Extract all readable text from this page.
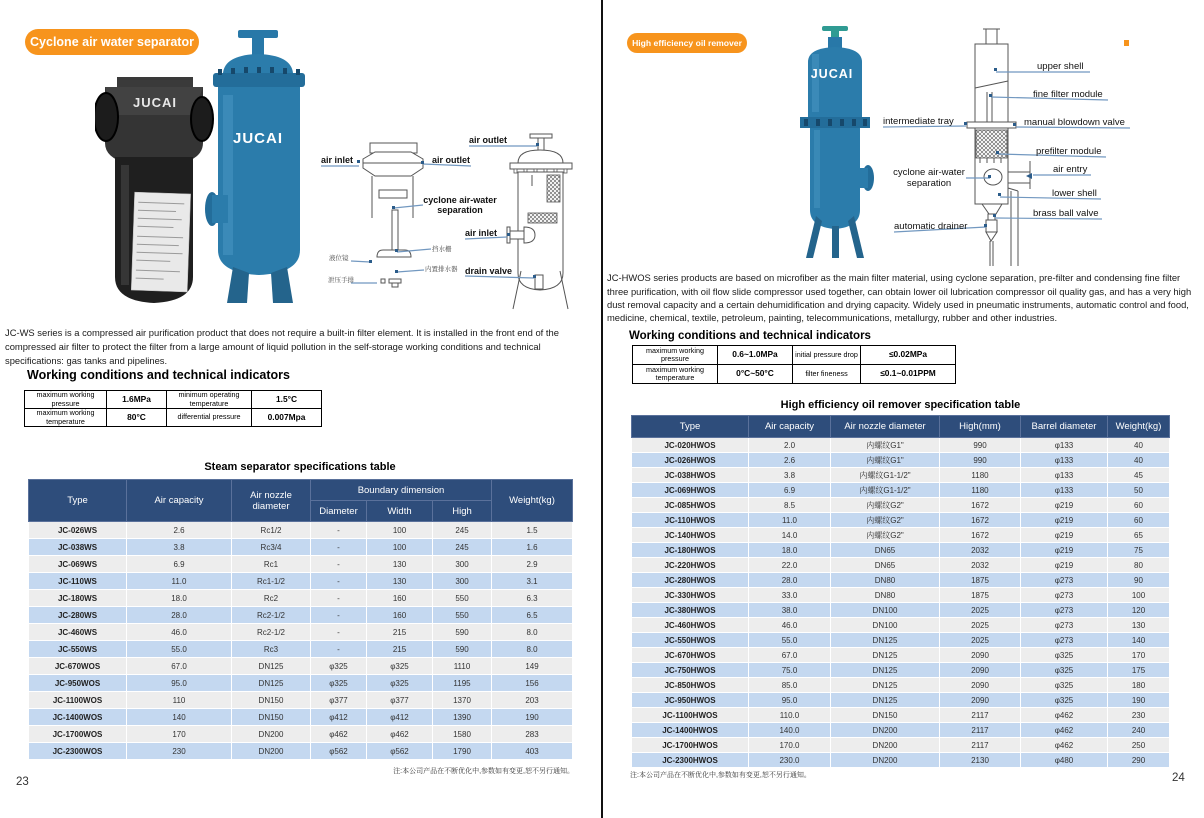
Cyclone air water separator
JUCAI
JUCAI
air inlet	air outlet
cyclone air-water
separation
挡水栅
液位镜
内置排水器
泄压手排
air outlet
air inlet
drain valve

JC-WS series is a compressed air purification product that does not require a built-in filter element. It is installed in the front end of the compressed air filter to protect the filter from a large amount of liquid pollution in the self-storage working conditions and technical specifications: gas tanks and pipelines.

Working conditions and technical indicators
maximum working pressure	1.6MPa	minimum operating temperature	1.5°C
maximum working temperature	80°C	differential pressure	0.007Mpa
Steam separator specifications table
Type	Air capacity	Air nozzle diameter	Boundary dimension			Weight(kg)
			Diameter	Width	High	
JC-026WS	2.6	Rc1/2	-	100	245	1.5
JC-038WS	3.8	Rc3/4	-	100	245	1.6
JC-069WS	6.9	Rc1	-	130	300	2.9
JC-110WS	11.0	Rc1-1/2	-	130	300	3.1
JC-180WS	18.0	Rc2	-	160	550	6.3
JC-280WS	28.0	Rc2-1/2	-	160	550	6.5
JC-460WS	46.0	Rc2-1/2	-	215	590	8.0
JC-550WS	55.0	Rc3	-	215	590	8.0
JC-670WOS	67.0	DN125	φ325	φ325	1110	149
JC-950WOS	95.0	DN125	φ325	φ325	1195	156
JC-1100WOS	110	DN150	φ377	φ377	1370	203
JC-1400WOS	140	DN150	φ412	φ412	1390	190
JC-1700WOS	170	DN200	φ462	φ462	1580	283
JC-2300WOS	230	DN200	φ562	φ562	1790	403
注:本公司产品在不断优化中,参数如有变更,恕不另行通知。
23
High efficiency oil remover
JUCAI
upper shell
fine filter module
intermediate tray	manual blowdown valve
prefilter module
cyclone air-water
separation
air entry
lower shell
brass ball valve
automatic drainer

JC-HWOS series products are based on microfiber as the main filter material, using cyclone separation, pre-filter and condensing fine filter three purification, with oil flow slide compressor used together, can obtain lower oil lubrication compressor oil quality gas, and has a very high dust removal capacity and a certain dehumidification and drying capacity. Widely used in pneumatic instruments, automatic control and food, medicine, chemical, textile, petroleum, painting, telecommunications, metallurgy, rubber and other industries.

Working conditions and technical indicators
maximum working pressure	0.6~1.0MPa	initial pressure drop	≤0.02MPa
maximum working temperature	0°C~50°C	filter fineness	≤0.1~0.01PPM
High efficiency oil remover specification table
Type	Air capacity	Air nozzle diameter	High(mm)	Barrel diameter	Weight(kg)
JC-020HWOS	2.0	内螺纹G1"	990	φ133	40
JC-026HWOS	2.6	内螺纹G1"	990	φ133	40
JC-038HWOS	3.8	内螺纹G1-1/2"	1180	φ133	45
JC-069HWOS	6.9	内螺纹G1-1/2"	1180	φ133	50
JC-085HWOS	8.5	内螺纹G2"	1672	φ219	60
JC-110HWOS	11.0	内螺纹G2"	1672	φ219	60
JC-140HWOS	14.0	内螺纹G2"	1672	φ219	65
JC-180HWOS	18.0	DN65	2032	φ219	75
JC-220HWOS	22.0	DN65	2032	φ219	80
JC-280HWOS	28.0	DN80	1875	φ273	90
JC-330HWOS	33.0	DN80	1875	φ273	100
JC-380HWOS	38.0	DN100	2025	φ273	120
JC-460HWOS	46.0	DN100	2025	φ273	130
JC-550HWOS	55.0	DN125	2025	φ273	140
JC-670HWOS	67.0	DN125	2090	φ325	170
JC-750HWOS	75.0	DN125	2090	φ325	175
JC-850HWOS	85.0	DN125	2090	φ325	180
JC-950HWOS	95.0	DN125	2090	φ325	190
JC-1100HWOS	110.0	DN150	2117	φ462	230
JC-1400HWOS	140.0	DN200	2117	φ462	240
JC-1700HWOS	170.0	DN200	2117	φ462	250
JC-2300HWOS	230.0	DN200	2130	φ480	290
注:本公司产品在不断优化中,参数如有变更,恕不另行通知。	24
